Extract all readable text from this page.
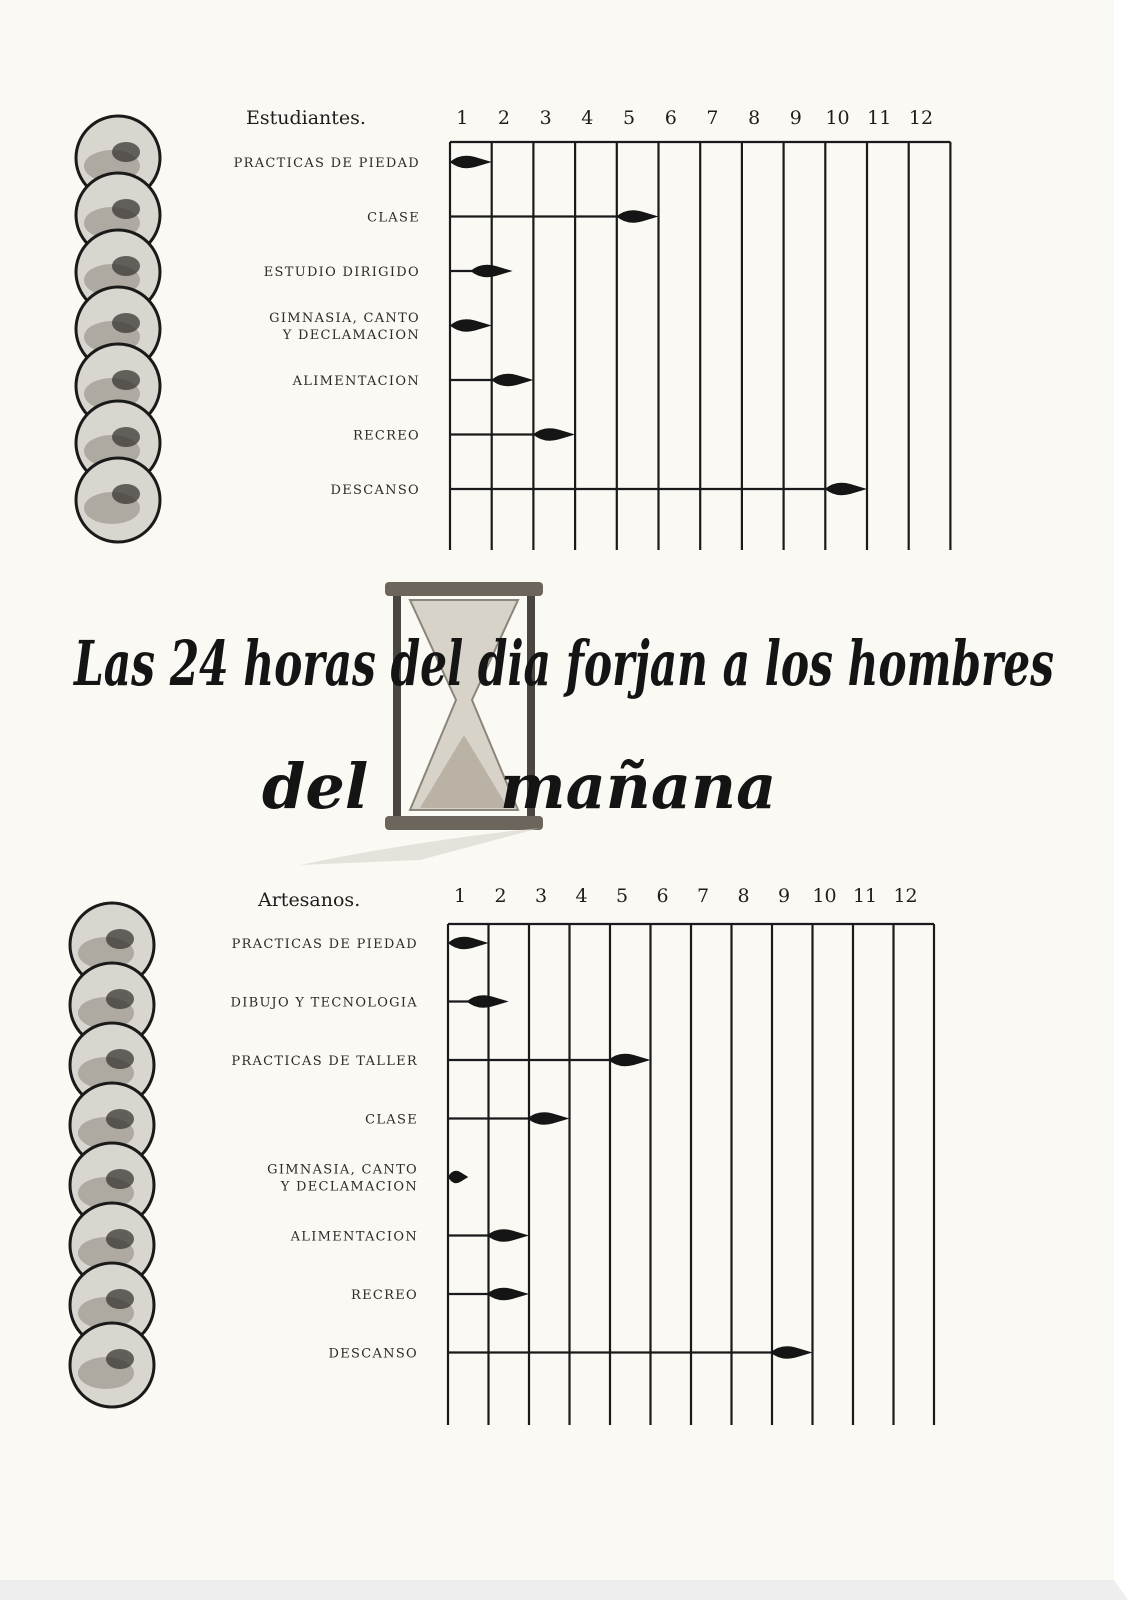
Estudiantes.	1 2 3 4 5 6 7 8 9 10 11 12
PRACTICAS DE PIEDAD
CLASE
ESTUDIO DIRIGIDO
GIMNASIA, CANTO
Y DECLAMACION
ALIMENTACION
RECREO
DESCANSO
Las 24 horas del dia forjan a los hombres
del mañana
Artesanos.	1 2 3 4 5 6 7 8 9 10 11 12
PRACTICAS DE PIEDAD
DIBUJO Y TECNOLOGIA
PRACTICAS DE TALLER
CLASE
GIMNASIA, CANTO
Y DECLAMACION
ALIMENTACION
RECREO
DESCANSO
